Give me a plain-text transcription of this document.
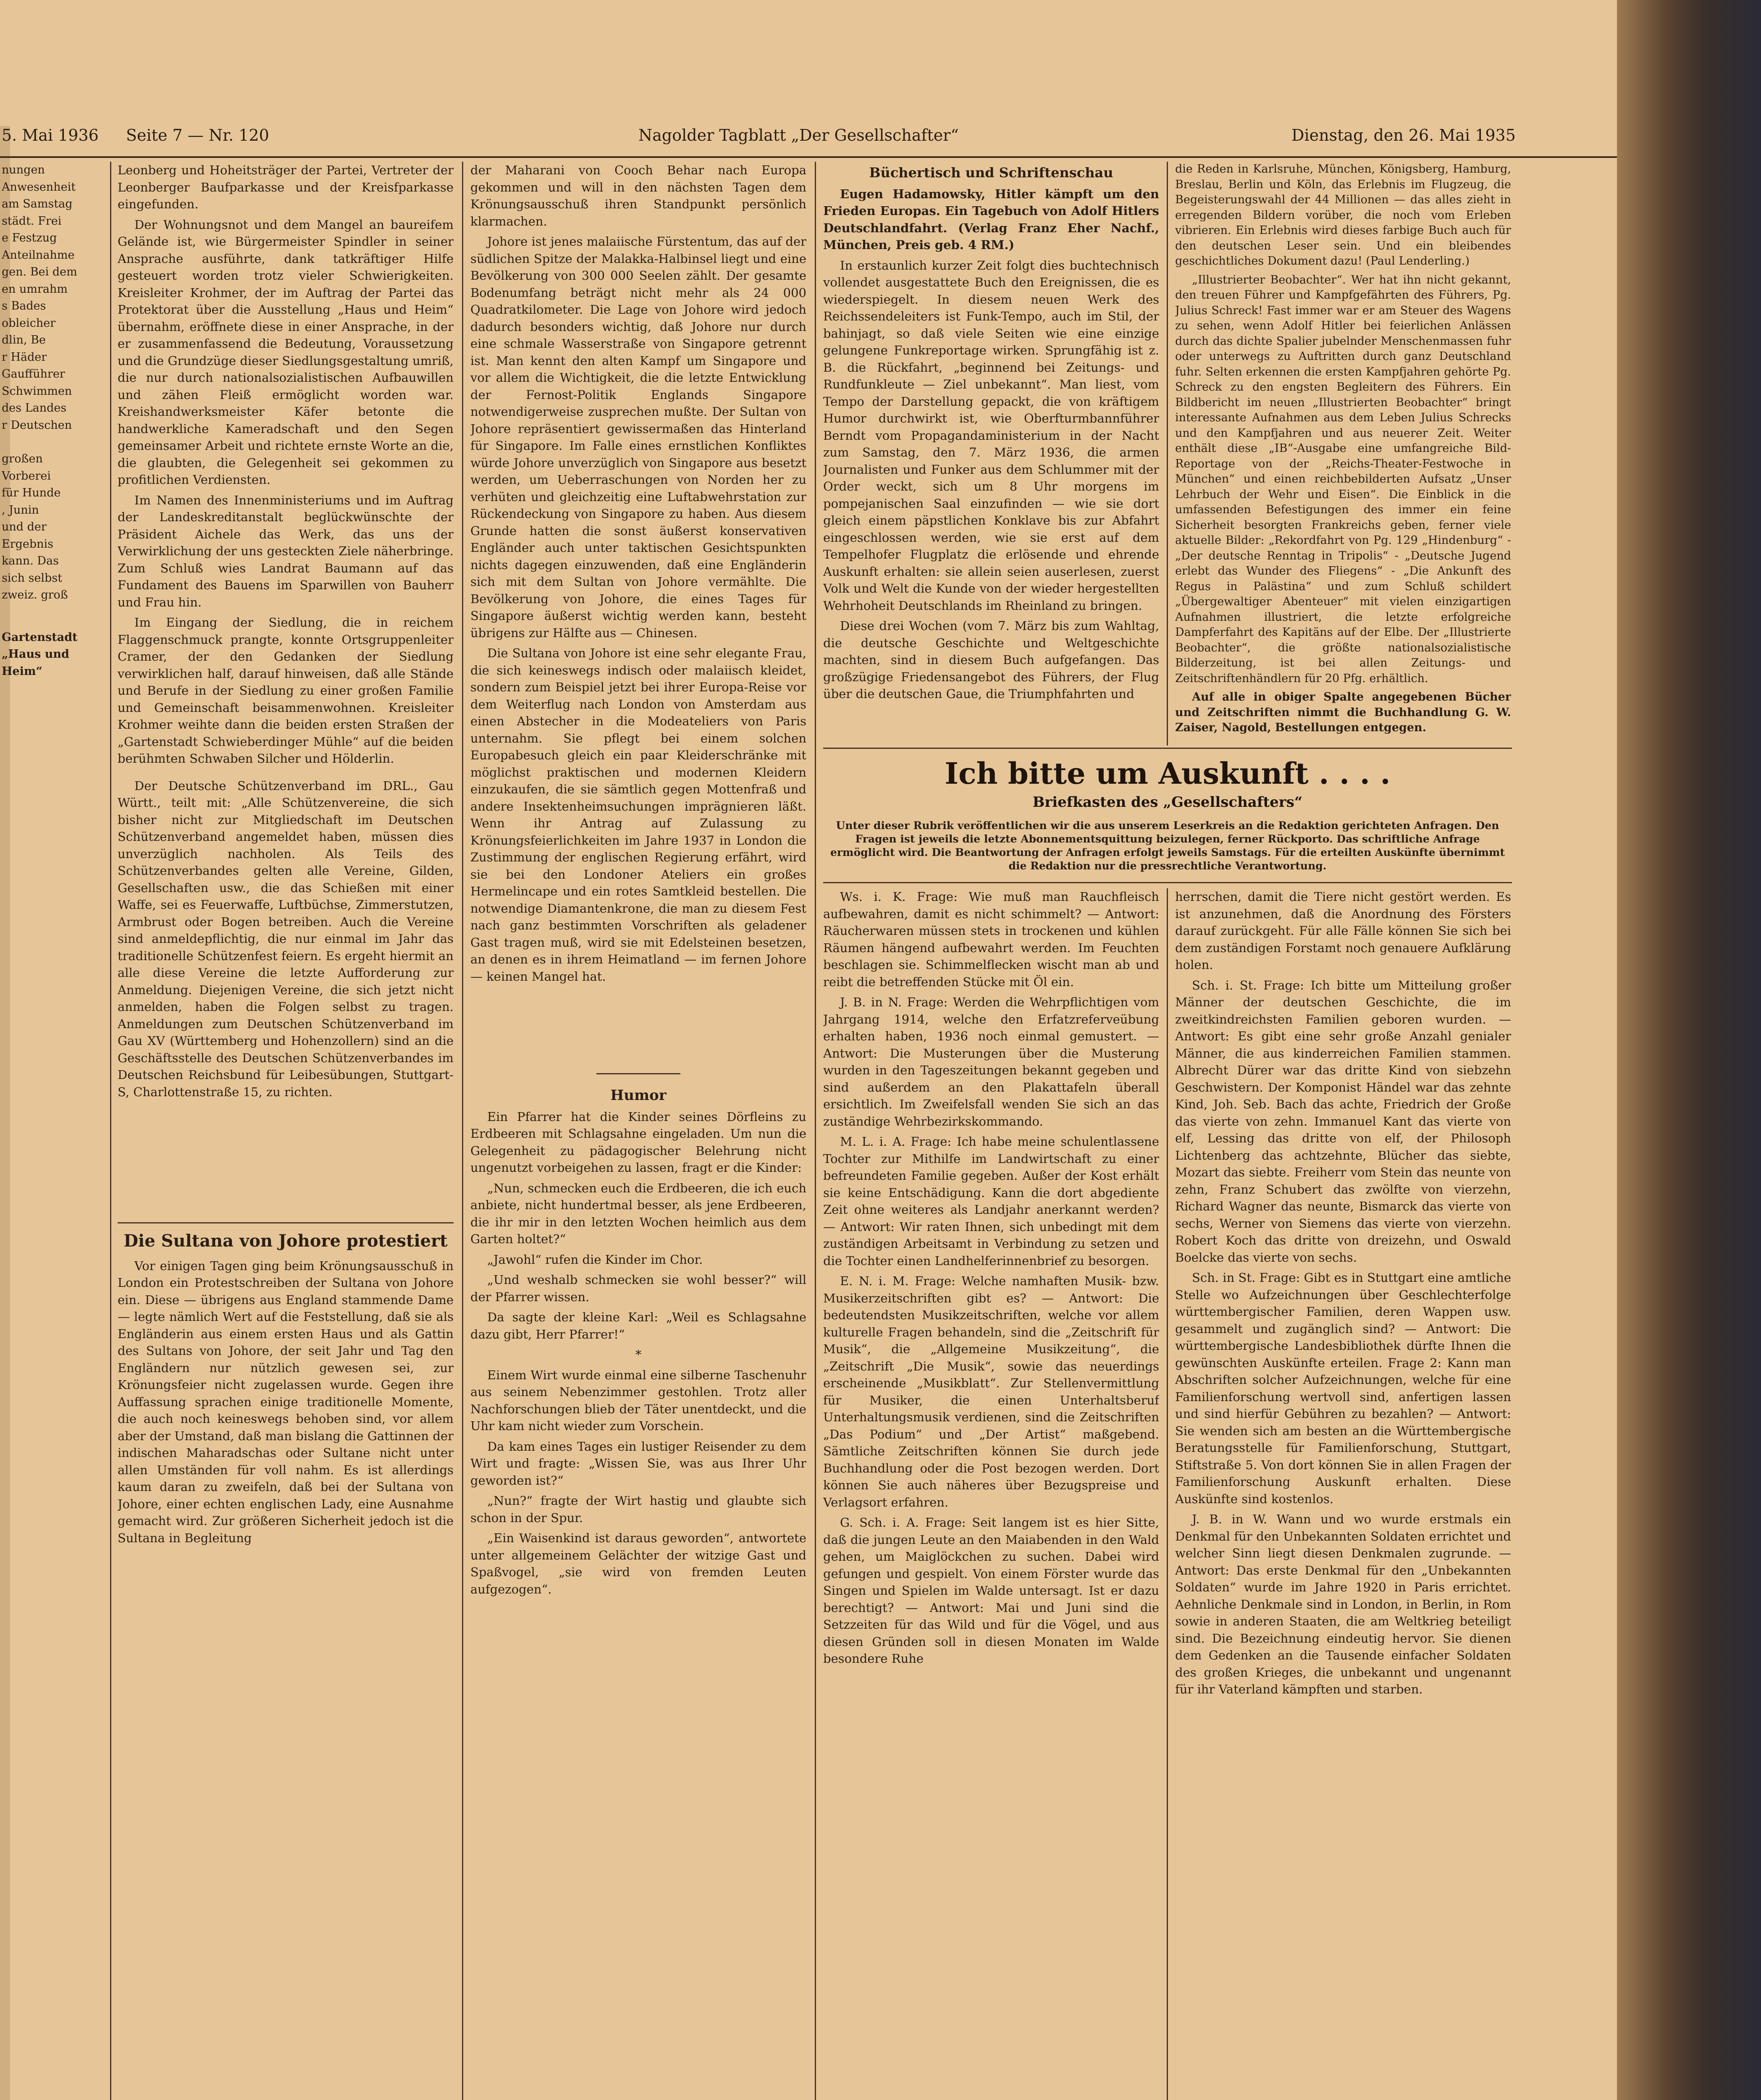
5. Mai 1936 Seite 7 — Nr. 120	Nagolder Tagblatt „Der Gesellschafter“	Dienstag, den 26. Mai 1935
nungen
Anwesenheit
am Samstag
städt. Frei
e Festzug
Anteilnahme
gen. Bei dem
en umrahm
s Bades
obleicher
dlin, Be
r Häder
Gaufführer
Schwimmen
des Landes
r Deutschen
großen
Vorberei
für Hunde
, Junin
und der
Ergebnis
kann. Das
sich selbst
zweiz. groß
Gartenstadt „Haus und Heim“

Leonberg und Hoheitsträger der Partei, Vertreter der Leonberger Baufparkasse und der Kreisfparkasse eingefunden.

Der Wohnungsnot und dem Mangel an baureifem Gelände ist, wie Bürgermeister Spindler in seiner Ansprache ausführte, dank tatkräftiger Hilfe gesteuert worden trotz vieler Schwierigkeiten. Kreisleiter Krohmer, der im Auftrag der Partei das Protektorat über die Ausstellung „Haus und Heim“ übernahm, eröffnete diese in einer Ansprache, in der er zusammenfassend die Bedeutung, Voraussetzung und die Grundzüge dieser Siedlungsgestaltung umriß, die nur durch nationalsozialistischen Aufbauwillen und zähen Fleiß ermöglicht worden war. Kreishandwerksmeister Käfer betonte die handwerkliche Kameradschaft und den Segen gemeinsamer Arbeit und richtete ernste Worte an die, die glaubten, die Gelegenheit sei gekommen zu profitlichen Verdiensten.

Im Namen des Innenministeriums und im Auftrag der Landeskreditanstalt beglückwünschte der Präsident Aichele das Werk, das uns der Verwirklichung der uns gesteckten Ziele näherbringe. Zum Schluß wies Landrat Baumann auf das Fundament des Bauens im Sparwillen von Bauherr und Frau hin.

Im Eingang der Siedlung, die in reichem Flaggenschmuck prangte, konnte Ortsgruppenleiter Cramer, der den Gedanken der Siedlung verwirklichen half, darauf hinweisen, daß alle Stände und Berufe in der Siedlung zu einer großen Familie und Gemeinschaft beisammenwohnen. Kreisleiter Krohmer weihte dann die beiden ersten Straßen der „Gartenstadt Schwieberdinger Mühle“ auf die beiden berühmten Schwaben Silcher und Hölderlin.

Der Deutsche Schützenverband im DRL., Gau Württ., teilt mit: „Alle Schützenvereine, die sich bisher nicht zur Mitgliedschaft im Deutschen Schützenverband angemeldet haben, müssen dies unverzüglich nachholen. Als Teils des Schützenverbandes gelten alle Vereine, Gilden, Gesellschaften usw., die das Schießen mit einer Waffe, sei es Feuerwaffe, Luftbüchse, Zimmerstutzen, Armbrust oder Bogen betreiben. Auch die Vereine sind anmeldepflichtig, die nur einmal im Jahr das traditionelle Schützenfest feiern. Es ergeht hiermit an alle diese Vereine die letzte Aufforderung zur Anmeldung. Diejenigen Vereine, die sich jetzt nicht anmelden, haben die Folgen selbst zu tragen. Anmeldungen zum Deutschen Schützenverband im Gau XV (Württemberg und Hohenzollern) sind an die Geschäftsstelle des Deutschen Schützenverbandes im Deutschen Reichsbund für Leibesübungen, Stuttgart-S, Charlottenstraße 15, zu richten.

Die Sultana von Johore protestiert

Vor einigen Tagen ging beim Krönungsausschuß in London ein Protestschreiben der Sultana von Johore ein. Diese — übrigens aus England stammende Dame — legte nämlich Wert auf die Feststellung, daß sie als Engländerin aus einem ersten Haus und als Gattin des Sultans von Johore, der seit Jahr und Tag den Engländern nur nützlich gewesen sei, zur Krönungsfeier nicht zugelassen wurde. Gegen ihre Auffassung sprachen einige traditionelle Momente, die auch noch keineswegs behoben sind, vor allem aber der Umstand, daß man bislang die Gattinnen der indischen Maharadschas oder Sultane nicht unter allen Umständen für voll nahm. Es ist allerdings kaum daran zu zweifeln, daß bei der Sultana von Johore, einer echten englischen Lady, eine Ausnahme gemacht wird. Zur größeren Sicherheit jedoch ist die Sultana in Begleitung

der Maharani von Cooch Behar nach Europa gekommen und will in den nächsten Tagen dem Krönungsausschuß ihren Standpunkt persönlich klarmachen.

Johore ist jenes malaiische Fürstentum, das auf der südlichen Spitze der Malakka-Halbinsel liegt und eine Bevölkerung von 300 000 Seelen zählt. Der gesamte Bodenumfang beträgt nicht mehr als 24 000 Quadratkilometer. Die Lage von Johore wird jedoch dadurch besonders wichtig, daß Johore nur durch eine schmale Wasserstraße von Singapore getrennt ist. Man kennt den alten Kampf um Singapore und vor allem die Wichtigkeit, die die letzte Entwicklung der Fernost-Politik Englands Singapore notwendigerweise zusprechen mußte. Der Sultan von Johore repräsentiert gewissermaßen das Hinterland für Singapore. Im Falle eines ernstlichen Konfliktes würde Johore unverzüglich von Singapore aus besetzt werden, um Ueberraschungen von Norden her zu verhüten und gleichzeitig eine Luftabwehrstation zur Rückendeckung von Singapore zu haben. Aus diesem Grunde hatten die sonst äußerst konservativen Engländer auch unter taktischen Gesichtspunkten nichts dagegen einzuwenden, daß eine Engländerin sich mit dem Sultan von Johore vermählte. Die Bevölkerung von Johore, die eines Tages für Singapore äußerst wichtig werden kann, besteht übrigens zur Hälfte aus — Chinesen.

Die Sultana von Johore ist eine sehr elegante Frau, die sich keineswegs indisch oder malaiisch kleidet, sondern zum Beispiel jetzt bei ihrer Europa-Reise vor dem Weiterflug nach London von Amsterdam aus einen Abstecher in die Modeateliers von Paris unternahm. Sie pflegt bei einem solchen Europabesuch gleich ein paar Kleiderschränke mit möglichst praktischen und modernen Kleidern einzukaufen, die sie sämtlich gegen Mottenfraß und andere Insektenheimsuchungen imprägnieren läßt. Wenn ihr Antrag auf Zulassung zu Krönungsfeierlichkeiten im Jahre 1937 in London die Zustimmung der englischen Regierung erfährt, wird sie bei den Londoner Ateliers ein großes Hermelincape und ein rotes Samtkleid bestellen. Die notwendige Diamantenkrone, die man zu diesem Fest nach ganz bestimmten Vorschriften als geladener Gast tragen muß, wird sie mit Edelsteinen besetzen, an denen es in ihrem Heimatland — im fernen Johore — keinen Mangel hat.

Humor

Ein Pfarrer hat die Kinder seines Dörfleins zu Erdbeeren mit Schlagsahne eingeladen. Um nun die Gelegenheit zu pädagogischer Belehrung nicht ungenutzt vorbeigehen zu lassen, fragt er die Kinder:

„Nun, schmecken euch die Erdbeeren, die ich euch anbiete, nicht hundertmal besser, als jene Erdbeeren, die ihr mir in den letzten Wochen heimlich aus dem Garten holtet?“

„Jawohl“ rufen die Kinder im Chor.

„Und weshalb schmecken sie wohl besser?“ will der Pfarrer wissen.

Da sagte der kleine Karl: „Weil es Schlagsahne dazu gibt, Herr Pfarrer!“

*

Einem Wirt wurde einmal eine silberne Taschenuhr aus seinem Nebenzimmer gestohlen. Trotz aller Nachforschungen blieb der Täter unentdeckt, und die Uhr kam nicht wieder zum Vorschein.

Da kam eines Tages ein lustiger Reisender zu dem Wirt und fragte: „Wissen Sie, was aus Ihrer Uhr geworden ist?“

„Nun?“ fragte der Wirt hastig und glaubte sich schon in der Spur.

„Ein Waisenkind ist daraus geworden“, antwortete unter allgemeinem Gelächter der witzige Gast und Spaßvogel, „sie wird von fremden Leuten aufgezogen“.

Büchertisch und Schriftenschau

Eugen Hadamowsky, Hitler kämpft um den Frieden Europas. Ein Tagebuch von Adolf Hitlers Deutschlandfahrt. (Verlag Franz Eher Nachf., München, Preis geb. 4 RM.)

In erstaunlich kurzer Zeit folgt dies buchtechnisch vollendet ausgestattete Buch den Ereignissen, die es wiederspiegelt. In diesem neuen Werk des Reichssendeleiters ist Funk-Tempo, auch im Stil, der bahinjagt, so daß viele Seiten wie eine einzige gelungene Funkreportage wirken. Sprungfähig ist z. B. die Rückfahrt, „beginnend bei Zeitungs- und Rundfunkleute — Ziel unbekannt“. Man liest, vom Tempo der Darstellung gepackt, die von kräftigem Humor durchwirkt ist, wie Oberfturmbannführer Berndt vom Propagandaministerium in der Nacht zum Samstag, den 7. März 1936, die armen Journalisten und Funker aus dem Schlummer mit der Order weckt, sich um 8 Uhr morgens im pompejanischen Saal einzufinden — wie sie dort gleich einem päpstlichen Konklave bis zur Abfahrt eingeschlossen werden, wie sie erst auf dem Tempelhofer Flugplatz die erlösende und ehrende Auskunft erhalten: sie allein seien auserlesen, zuerst Volk und Welt die Kunde von der wieder hergestellten Wehrhoheit Deutschlands im Rheinland zu bringen.

Diese drei Wochen (vom 7. März bis zum Wahltag, die deutsche Geschichte und Weltgeschichte machten, sind in diesem Buch aufgefangen. Das großzügige Friedensangebot des Führers, der Flug über die deutschen Gaue, die Triumphfahrten und

die Reden in Karlsruhe, München, Königsberg, Hamburg, Breslau, Berlin und Köln, das Erlebnis im Flugzeug, die Begeisterungswahl der 44 Millionen — das alles zieht in erregenden Bildern vorüber, die noch vom Erleben vibrieren. Ein Erlebnis wird dieses farbige Buch auch für den deutschen Leser sein. Und ein bleibendes geschichtliches Dokument dazu! (Paul Lenderling.)

„Illustrierter Beobachter“. Wer hat ihn nicht gekannt, den treuen Führer und Kampfgefährten des Führers, Pg. Julius Schreck! Fast immer war er am Steuer des Wagens zu sehen, wenn Adolf Hitler bei feierlichen Anlässen durch das dichte Spalier jubelnder Menschenmassen fuhr oder unterwegs zu Auftritten durch ganz Deutschland fuhr. Selten erkennen die ersten Kampfjahren gehörte Pg. Schreck zu den engsten Begleitern des Führers. Ein Bildbericht im neuen „Illustrierten Beobachter“ bringt interessante Aufnahmen aus dem Leben Julius Schrecks und den Kampfjahren und aus neuerer Zeit. Weiter enthält diese „IB“-Ausgabe eine umfangreiche Bild-Reportage von der „Reichs-Theater-Festwoche in München“ und einen reichbebilderten Aufsatz „Unser Lehrbuch der Wehr und Eisen“. Die Einblick in die umfassenden Befestigungen des immer ein feine Sicherheit besorgten Frankreichs geben, ferner viele aktuelle Bilder: „Rekordfahrt von Pg. 129 „Hindenburg“ - „Der deutsche Renntag in Tripolis“ - „Deutsche Jugend erlebt das Wunder des Fliegens“ - „Die Ankunft des Regus in Palästina“ und zum Schluß schildert „Übergewaltiger Abenteuer“ mit vielen einzigartigen Aufnahmen illustriert, die letzte erfolgreiche Dampferfahrt des Kapitäns auf der Elbe. Der „Illustrierte Beobachter“, die größte nationalsozialistische Bilderzeitung, ist bei allen Zeitungs- und Zeitschriftenhändlern für 20 Pfg. erhältlich.

Auf alle in obiger Spalte angegebenen Bücher und Zeitschriften nimmt die Buchhandlung G. W. Zaiser, Nagold, Bestellungen entgegen.

Ich bitte um Auskunft . . . .
Briefkasten des „Gesellschafters“
Unter dieser Rubrik veröffentlichen wir die aus unserem Leserkreis an die Redaktion gerichteten Anfragen. Den Fragen ist jeweils die letzte Abonnementsquittung beizulegen, ferner Rückporto. Das schriftliche Anfrage ermöglicht wird. Die Beantwortung der Anfragen erfolgt jeweils Samstags. Für die erteilten Auskünfte übernimmt die Redaktion nur die pressrechtliche Verantwortung.

Ws. i. K. Frage: Wie muß man Rauchfleisch aufbewahren, damit es nicht schimmelt? — Antwort: Räucherwaren müssen stets in trockenen und kühlen Räumen hängend aufbewahrt werden. Im Feuchten beschlagen sie. Schimmelflecken wischt man ab und reibt die betreffenden Stücke mit Öl ein.

J. B. in N. Frage: Werden die Wehrpflichtigen vom Jahrgang 1914, welche den Erfatzreferveübung erhalten haben, 1936 noch einmal gemustert. — Antwort: Die Musterungen über die Musterung wurden in den Tageszeitungen bekannt gegeben und sind außerdem an den Plakattafeln überall ersichtlich. Im Zweifelsfall wenden Sie sich an das zuständige Wehrbezirkskommando.

M. L. i. A. Frage: Ich habe meine schulentlassene Tochter zur Mithilfe im Landwirtschaft zu einer befreundeten Familie gegeben. Außer der Kost erhält sie keine Entschädigung. Kann die dort abgediente Zeit ohne weiteres als Landjahr anerkannt werden? — Antwort: Wir raten Ihnen, sich unbedingt mit dem zuständigen Arbeitsamt in Verbindung zu setzen und die Tochter einen Landhelferinnenbrief zu besorgen.

E. N. i. M. Frage: Welche namhaften Musik- bzw. Musikerzeitschriften gibt es? — Antwort: Die bedeutendsten Musikzeitschriften, welche vor allem kulturelle Fragen behandeln, sind die „Zeitschrift für Musik“, die „Allgemeine Musikzeitung“, die „Zeitschrift „Die Musik“, sowie das neuerdings erscheinende „Musikblatt“. Zur Stellenvermittlung für Musiker, die einen Unterhaltsberuf Unterhaltungsmusik verdienen, sind die Zeitschriften „Das Podium“ und „Der Artist“ maßgebend. Sämtliche Zeitschriften können Sie durch jede Buchhandlung oder die Post bezogen werden. Dort können Sie auch näheres über Bezugspreise und Verlagsort erfahren.

G. Sch. i. A. Frage: Seit langem ist es hier Sitte, daß die jungen Leute an den Maiabenden in den Wald gehen, um Maiglöckchen zu suchen. Dabei wird gefungen und gespielt. Von einem Förster wurde das Singen und Spielen im Walde untersagt. Ist er dazu berechtigt? — Antwort: Mai und Juni sind die Setzzeiten für das Wild und für die Vögel, und aus diesen Gründen soll in diesen Monaten im Walde besondere Ruhe

herrschen, damit die Tiere nicht gestört werden. Es ist anzunehmen, daß die Anordnung des Försters darauf zurückgeht. Für alle Fälle können Sie sich bei dem zuständigen Forstamt noch genauere Aufklärung holen.

Sch. i. St. Frage: Ich bitte um Mitteilung großer Männer der deutschen Geschichte, die im zweitkindreichsten Familien geboren wurden. — Antwort: Es gibt eine sehr große Anzahl genialer Männer, die aus kinderreichen Familien stammen. Albrecht Dürer war das dritte Kind von siebzehn Geschwistern. Der Komponist Händel war das zehnte Kind, Joh. Seb. Bach das achte, Friedrich der Große das vierte von zehn. Immanuel Kant das vierte von elf, Lessing das dritte von elf, der Philosoph Lichtenberg das achtzehnte, Blücher das siebte, Mozart das siebte. Freiherr vom Stein das neunte von zehn, Franz Schubert das zwölfte von vierzehn, Richard Wagner das neunte, Bismarck das vierte von sechs, Werner von Siemens das vierte von vierzehn. Robert Koch das dritte von dreizehn, und Oswald Boelcke das vierte von sechs.

Sch. in St. Frage: Gibt es in Stuttgart eine amtliche Stelle wo Aufzeichnungen über Geschlechterfolge württembergischer Familien, deren Wappen usw. gesammelt und zugänglich sind? — Antwort: Die württembergische Landesbibliothek dürfte Ihnen die gewünschten Auskünfte erteilen. Frage 2: Kann man Abschriften solcher Aufzeichnungen, welche für eine Familienforschung wertvoll sind, anfertigen lassen und sind hierfür Gebühren zu bezahlen? — Antwort: Sie wenden sich am besten an die Württembergische Beratungsstelle für Familienforschung, Stuttgart, Stiftstraße 5. Von dort können Sie in allen Fragen der Familienforschung Auskunft erhalten. Diese Auskünfte sind kostenlos.

J. B. in W. Wann und wo wurde erstmals ein Denkmal für den Unbekannten Soldaten errichtet und welcher Sinn liegt diesen Denkmalen zugrunde. — Antwort: Das erste Denkmal für den „Unbekannten Soldaten“ wurde im Jahre 1920 in Paris errichtet. Aehnliche Denkmale sind in London, in Berlin, in Rom sowie in anderen Staaten, die am Weltkrieg beteiligt sind. Die Bezeichnung eindeutig hervor. Sie dienen dem Gedenken an die Tausende einfacher Soldaten des großen Krieges, die unbekannt und ungenannt für ihr Vaterland kämpften und starben.
